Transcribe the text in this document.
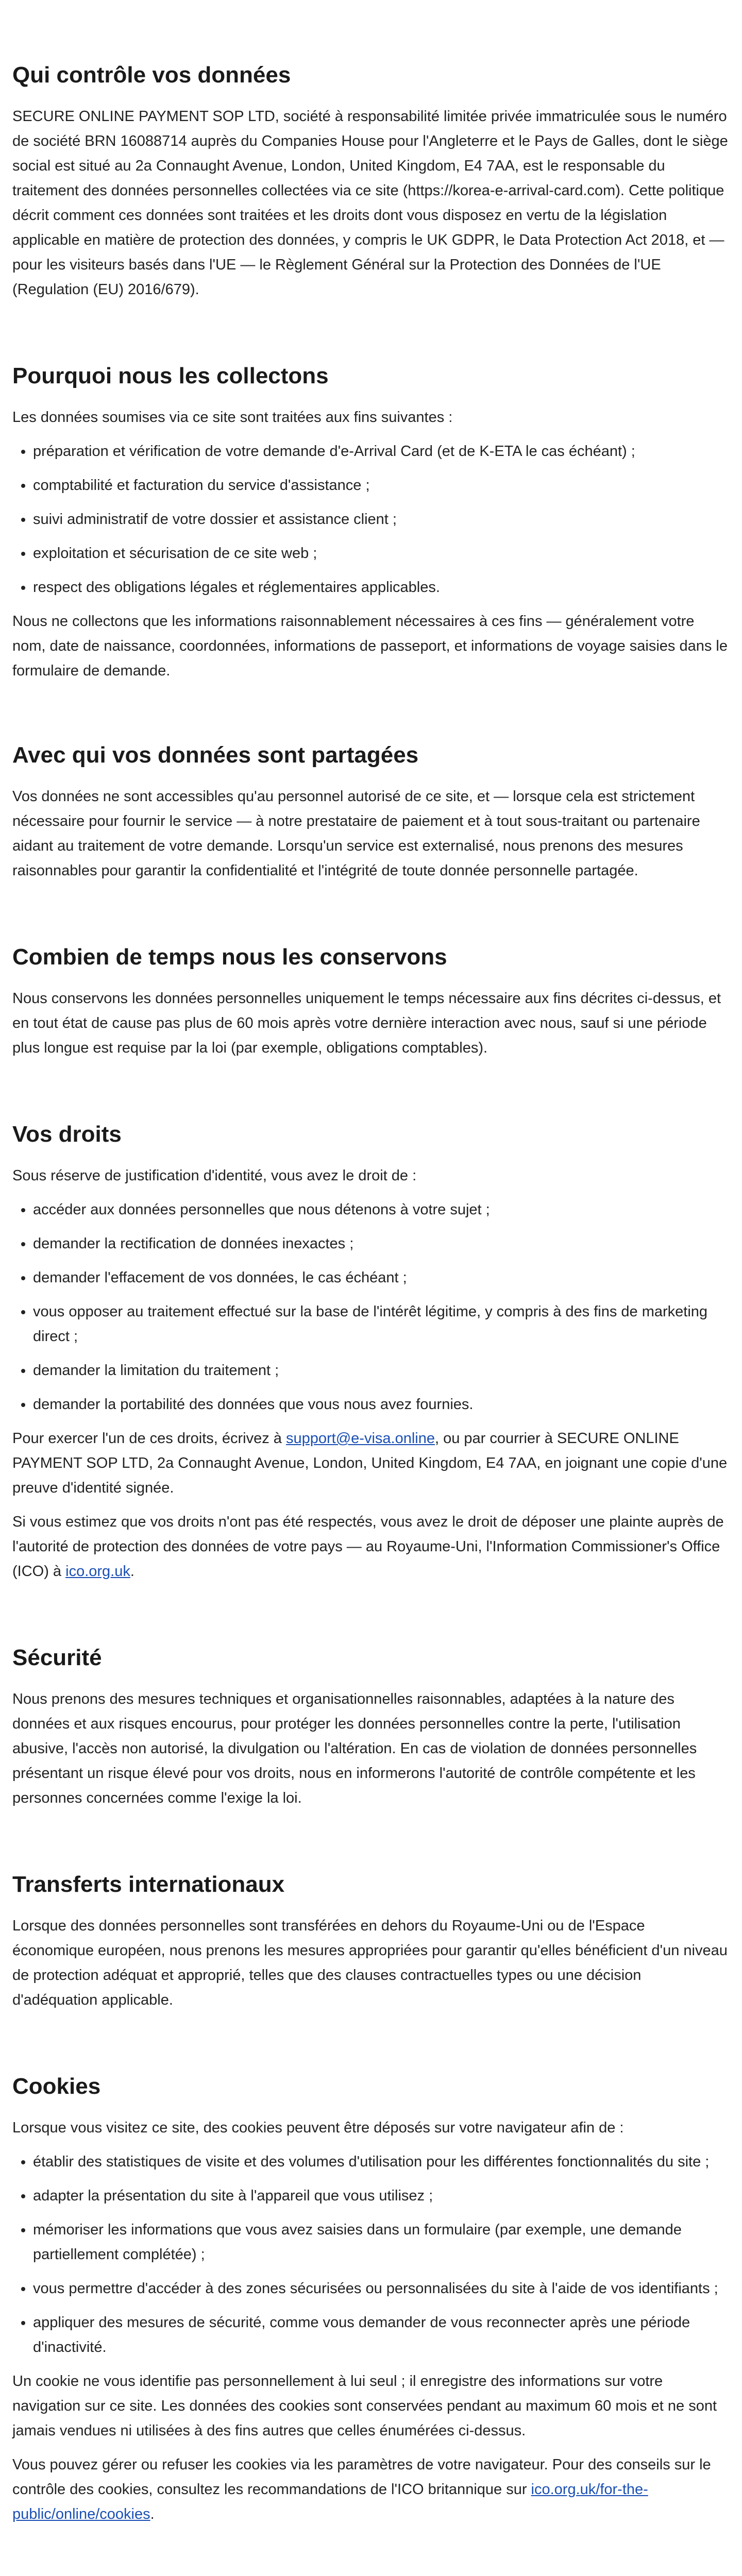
Qui contrôle vos données

SECURE ONLINE PAYMENT SOP LTD, société à responsabilité limitée privée immatriculée sous le numéro de société BRN 16088714 auprès du Companies House pour l'Angleterre et le Pays de Galles, dont le siège social est situé au 2a Connaught Avenue, London, United Kingdom, E4 7AA, est le responsable du traitement des données personnelles collectées via ce site (https://korea-e-arrival-card.com). Cette politique décrit comment ces données sont traitées et les droits dont vous disposez en vertu de la législation applicable en matière de protection des données, y compris le UK GDPR, le Data Protection Act 2018, et — pour les visiteurs basés dans l'UE — le Règlement Général sur la Protection des Données de l'UE (Regulation (EU) 2016/679).

Pourquoi nous les collectons

Les données soumises via ce site sont traitées aux fins suivantes :

• préparation et vérification de votre demande d'e-Arrival Card (et de K-ETA le cas échéant) ;
• comptabilité et facturation du service d'assistance ;
• suivi administratif de votre dossier et assistance client ;
• exploitation et sécurisation de ce site web ;
• respect des obligations légales et réglementaires applicables.

Nous ne collectons que les informations raisonnablement nécessaires à ces fins — généralement votre nom, date de naissance, coordonnées, informations de passeport, et informations de voyage saisies dans le formulaire de demande.

Avec qui vos données sont partagées

Vos données ne sont accessibles qu'au personnel autorisé de ce site, et — lorsque cela est strictement nécessaire pour fournir le service — à notre prestataire de paiement et à tout sous-traitant ou partenaire aidant au traitement de votre demande. Lorsqu'un service est externalisé, nous prenons des mesures raisonnables pour garantir la confidentialité et l'intégrité de toute donnée personnelle partagée.

Combien de temps nous les conservons

Nous conservons les données personnelles uniquement le temps nécessaire aux fins décrites ci-dessus, et en tout état de cause pas plus de 60 mois après votre dernière interaction avec nous, sauf si une période plus longue est requise par la loi (par exemple, obligations comptables).

Vos droits

Sous réserve de justification d'identité, vous avez le droit de :

• accéder aux données personnelles que nous détenons à votre sujet ;
• demander la rectification de données inexactes ;
• demander l'effacement de vos données, le cas échéant ;
• vous opposer au traitement effectué sur la base de l'intérêt légitime, y compris à des fins de marketing direct ;
• demander la limitation du traitement ;
• demander la portabilité des données que vous nous avez fournies.

Pour exercer l'un de ces droits, écrivez à support@e-visa.online, ou par courrier à SECURE ONLINE PAYMENT SOP LTD, 2a Connaught Avenue, London, United Kingdom, E4 7AA, en joignant une copie d'une preuve d'identité signée.

Si vous estimez que vos droits n'ont pas été respectés, vous avez le droit de déposer une plainte auprès de l'autorité de protection des données de votre pays — au Royaume-Uni, l'Information Commissioner's Office (ICO) à ico.org.uk.

Sécurité

Nous prenons des mesures techniques et organisationnelles raisonnables, adaptées à la nature des données et aux risques encourus, pour protéger les données personnelles contre la perte, l'utilisation abusive, l'accès non autorisé, la divulgation ou l'altération. En cas de violation de données personnelles présentant un risque élevé pour vos droits, nous en informerons l'autorité de contrôle compétente et les personnes concernées comme l'exige la loi.

Transferts internationaux

Lorsque des données personnelles sont transférées en dehors du Royaume-Uni ou de l'Espace économique européen, nous prenons les mesures appropriées pour garantir qu'elles bénéficient d'un niveau de protection adéquat et approprié, telles que des clauses contractuelles types ou une décision d'adéquation applicable.

Cookies

Lorsque vous visitez ce site, des cookies peuvent être déposés sur votre navigateur afin de :

• établir des statistiques de visite et des volumes d'utilisation pour les différentes fonctionnalités du site ;
• adapter la présentation du site à l'appareil que vous utilisez ;
• mémoriser les informations que vous avez saisies dans un formulaire (par exemple, une demande partiellement complétée) ;
• vous permettre d'accéder à des zones sécurisées ou personnalisées du site à l'aide de vos identifiants ;
• appliquer des mesures de sécurité, comme vous demander de vous reconnecter après une période d'inactivité.

Un cookie ne vous identifie pas personnellement à lui seul ; il enregistre des informations sur votre navigation sur ce site. Les données des cookies sont conservées pendant au maximum 60 mois et ne sont jamais vendues ni utilisées à des fins autres que celles énumérées ci-dessus.

Vous pouvez gérer ou refuser les cookies via les paramètres de votre navigateur. Pour des conseils sur le contrôle des cookies, consultez les recommandations de l'ICO britannique sur ico.org.uk/for-the-public/online/cookies.
